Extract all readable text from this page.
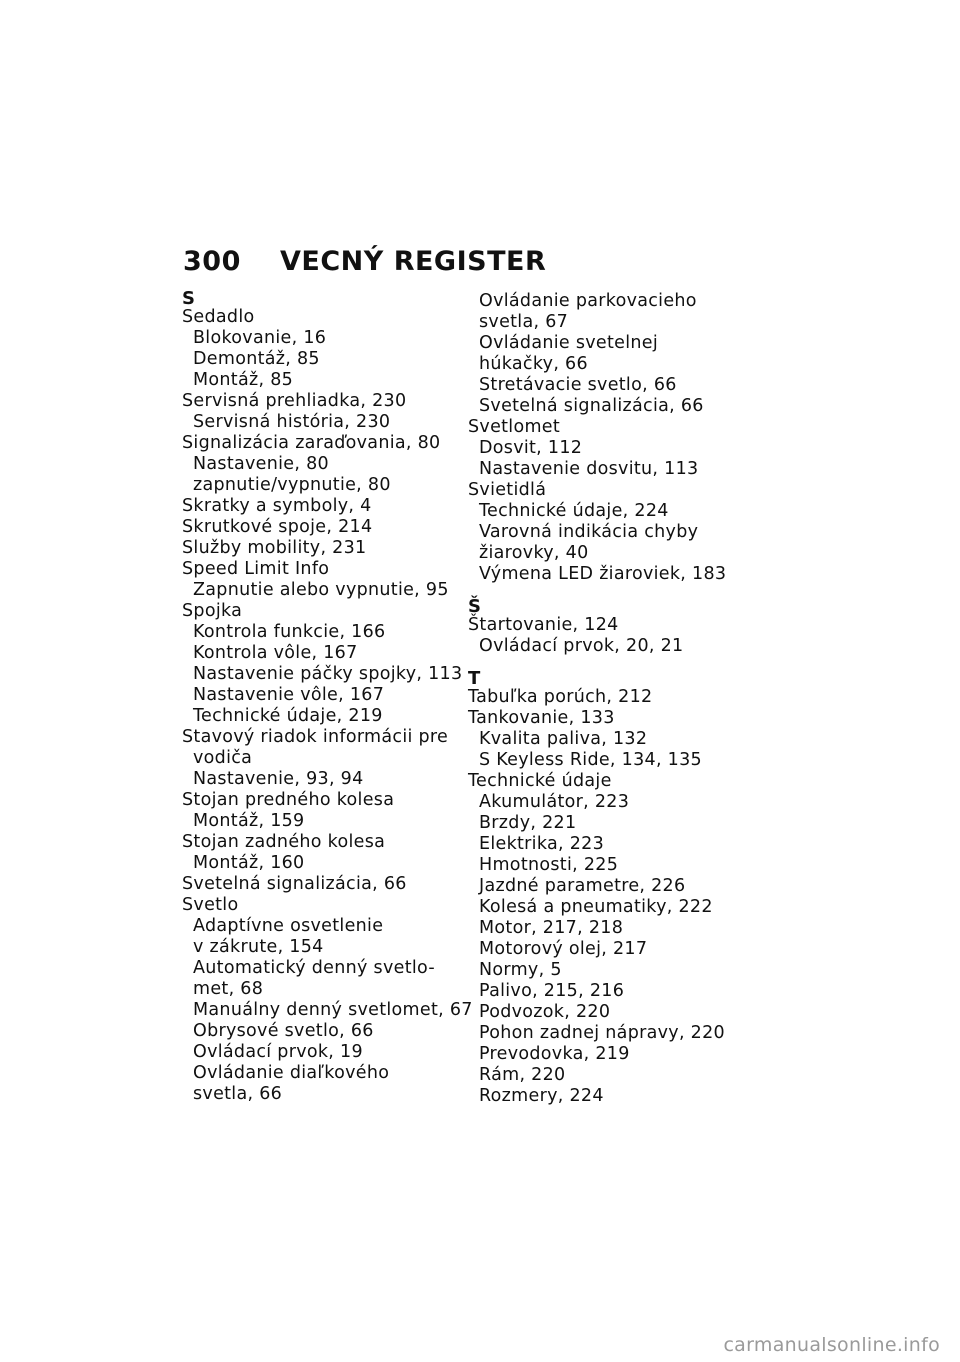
300 VECNÝ REGISTER
S
Sedadlo
Blokovanie, 16
Demontáž, 85
Montáž, 85
Servisná prehliadka, 230
Servisná história, 230
Signalizácia zaraďovania, 80
Nastavenie, 80
zapnutie/vypnutie, 80
Skratky a symboly, 4
Skrutkové spoje, 214
Služby mobility, 231
Speed Limit Info
Zapnutie alebo vypnutie, 95
Spojka
Kontrola funkcie, 166
Kontrola vôle, 167
Nastavenie páčky spojky, 113
Nastavenie vôle, 167
Technické údaje, 219
Stavový riadok informácii pre
vodiča
Nastavenie, 93, 94
Stojan predného kolesa
Montáž, 159
Stojan zadného kolesa
Montáž, 160
Svetelná signalizácia, 66
Svetlo
Adaptívne osvetlenie
v zákrute, 154
Automatický denný svetlo-
met, 68
Manuálny denný svetlomet, 67
Obrysové svetlo, 66
Ovládací prvok, 19
Ovládanie diaľkového
svetla, 66
Ovládanie parkovacieho
svetla, 67
Ovládanie svetelnej
húkačky, 66
Stretávacie svetlo, 66
Svetelná signalizácia, 66
Svetlomet
Dosvit, 112
Nastavenie dosvitu, 113
Svietidlá
Technické údaje, 224
Varovná indikácia chyby
žiarovky, 40
Výmena LED žiaroviek, 183
Š
Štartovanie, 124
Ovládací prvok, 20, 21
T
Tabuľka porúch, 212
Tankovanie, 133
Kvalita paliva, 132
S Keyless Ride, 134, 135
Technické údaje
Akumulátor, 223
Brzdy, 221
Elektrika, 223
Hmotnosti, 225
Jazdné parametre, 226
Kolesá a pneumatiky, 222
Motor, 217, 218
Motorový olej, 217
Normy, 5
Palivo, 215, 216
Podvozok, 220
Pohon zadnej nápravy, 220
Prevodovka, 219
Rám, 220
Rozmery, 224
carmanualsonline.info
